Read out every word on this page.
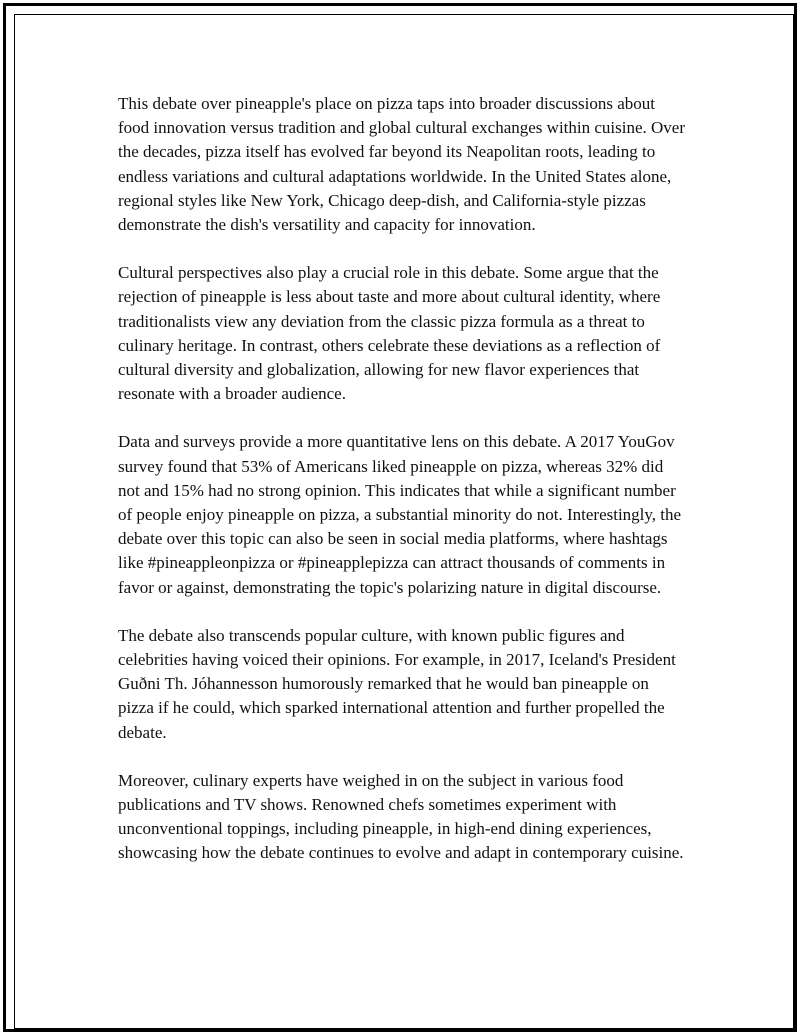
This debate over pineapple's place on pizza taps into broader discussions about food innovation versus tradition and global cultural exchanges within cuisine. Over the decades, pizza itself has evolved far beyond its Neapolitan roots, leading to endless variations and cultural adaptations worldwide. In the United States alone, regional styles like New York, Chicago deep-dish, and California-style pizzas demonstrate the dish's versatility and capacity for innovation.

Cultural perspectives also play a crucial role in this debate. Some argue that the rejection of pineapple is less about taste and more about cultural identity, where traditionalists view any deviation from the classic pizza formula as a threat to culinary heritage. In contrast, others celebrate these deviations as a reflection of cultural diversity and globalization, allowing for new flavor experiences that resonate with a broader audience.

Data and surveys provide a more quantitative lens on this debate. A 2017 YouGov survey found that 53% of Americans liked pineapple on pizza, whereas 32% did not and 15% had no strong opinion. This indicates that while a significant number of people enjoy pineapple on pizza, a substantial minority do not. Interestingly, the debate over this topic can also be seen in social media platforms, where hashtags like #pineappleonpizza or #pineapplepizza can attract thousands of comments in favor or against, demonstrating the topic's polarizing nature in digital discourse.

The debate also transcends popular culture, with known public figures and celebrities having voiced their opinions. For example, in 2017, Iceland's President Guðni Th. Jóhannesson humorously remarked that he would ban pineapple on pizza if he could, which sparked international attention and further propelled the debate.

Moreover, culinary experts have weighed in on the subject in various food publications and TV shows. Renowned chefs sometimes experiment with unconventional toppings, including pineapple, in high-end dining experiences, showcasing how the debate continues to evolve and adapt in contemporary cuisine.
